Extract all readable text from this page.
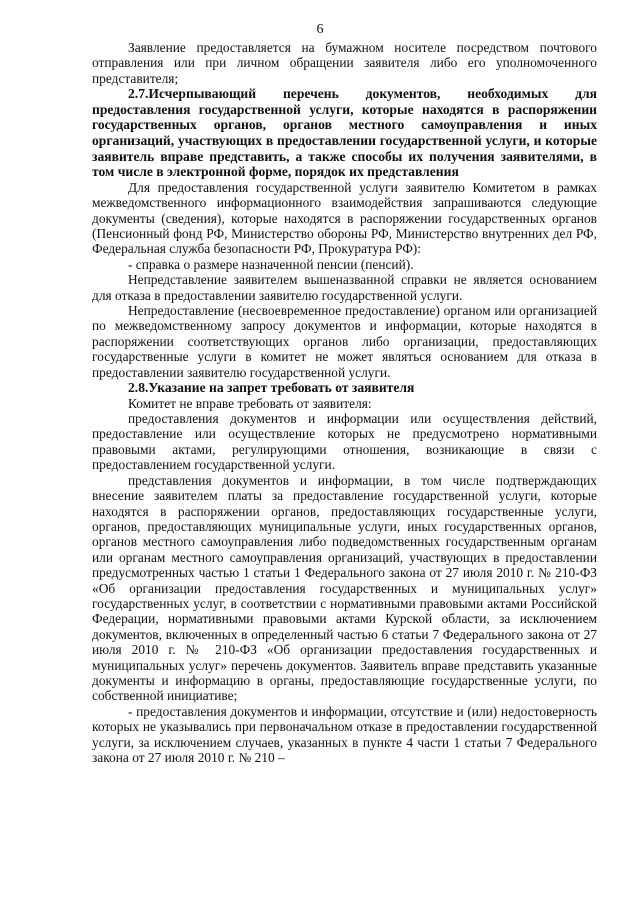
6

Заявление предоставляется на бумажном носителе посредством почтового отправления или при личном обращении заявителя либо его уполномоченного представителя;

2.7.Исчерпывающий перечень документов, необходимых для предоставления государственной услуги, которые находятся в распоряжении государственных органов, органов местного самоуправления и иных организаций, участвующих в предоставлении государственной услуги, и которые заявитель вправе представить, а также способы их получения заявителями, в том числе в электронной форме, порядок их представления

Для предоставления государственной услуги заявителю Комитетом в рамках межведомственного информационного взаимодействия запрашиваются следующие документы (сведения), которые находятся в распоряжении государственных органов (Пенсионный фонд РФ, Министерство обороны РФ, Министерство внутренних дел РФ, Федеральная служба безопасности РФ, Прокуратура РФ):

- справка о размере назначенной пенсии (пенсий).

Непредставление заявителем вышеназванной справки не является основанием для отказа в предоставлении заявителю государственной услуги.

Непредоставление (несвоевременное предоставление) органом или организацией по межведомственному запросу документов и информации, которые находятся в распоряжении соответствующих органов либо организации, предоставляющих государственные услуги в комитет не может являться основанием для отказа в предоставлении заявителю государственной услуги.

2.8.Указание на запрет требовать от заявителя

Комитет не вправе требовать от заявителя:

предоставления документов и информации или осуществления действий, предоставление или осуществление которых не предусмотрено нормативными правовыми актами, регулирующими отношения, возникающие в связи с предоставлением государственной услуги.

представления документов и информации, в том числе подтверждающих внесение заявителем платы за предоставление государственной услуги, которые находятся в распоряжении органов, предоставляющих государственные услуги, органов, предоставляющих муниципальные услуги, иных государственных органов, органов местного самоуправления либо подведомственных государственным органам или органам местного самоуправления организаций, участвующих в предоставлении предусмотренных частью 1 статьи 1 Федерального закона от 27 июля 2010 г. № 210-ФЗ «Об организации предоставления государственных и муниципальных услуг» государственных услуг, в соответствии с нормативными правовыми актами Российской Федерации, нормативными правовыми актами Курской области, за исключением документов, включенных в определенный частью 6 статьи 7 Федерального закона от 27 июля 2010 г. № 210-ФЗ «Об организации предоставления государственных и муниципальных услуг» перечень документов. Заявитель вправе представить указанные документы и информацию в органы, предоставляющие государственные услуги, по собственной инициативе;

- предоставления документов и информации, отсутствие и (или) недостоверность которых не указывались при первоначальном отказе в предоставлении государственной услуги, за исключением случаев, указанных в пункте 4 части 1 статьи 7 Федерального закона от 27 июля 2010 г. № 210 –
